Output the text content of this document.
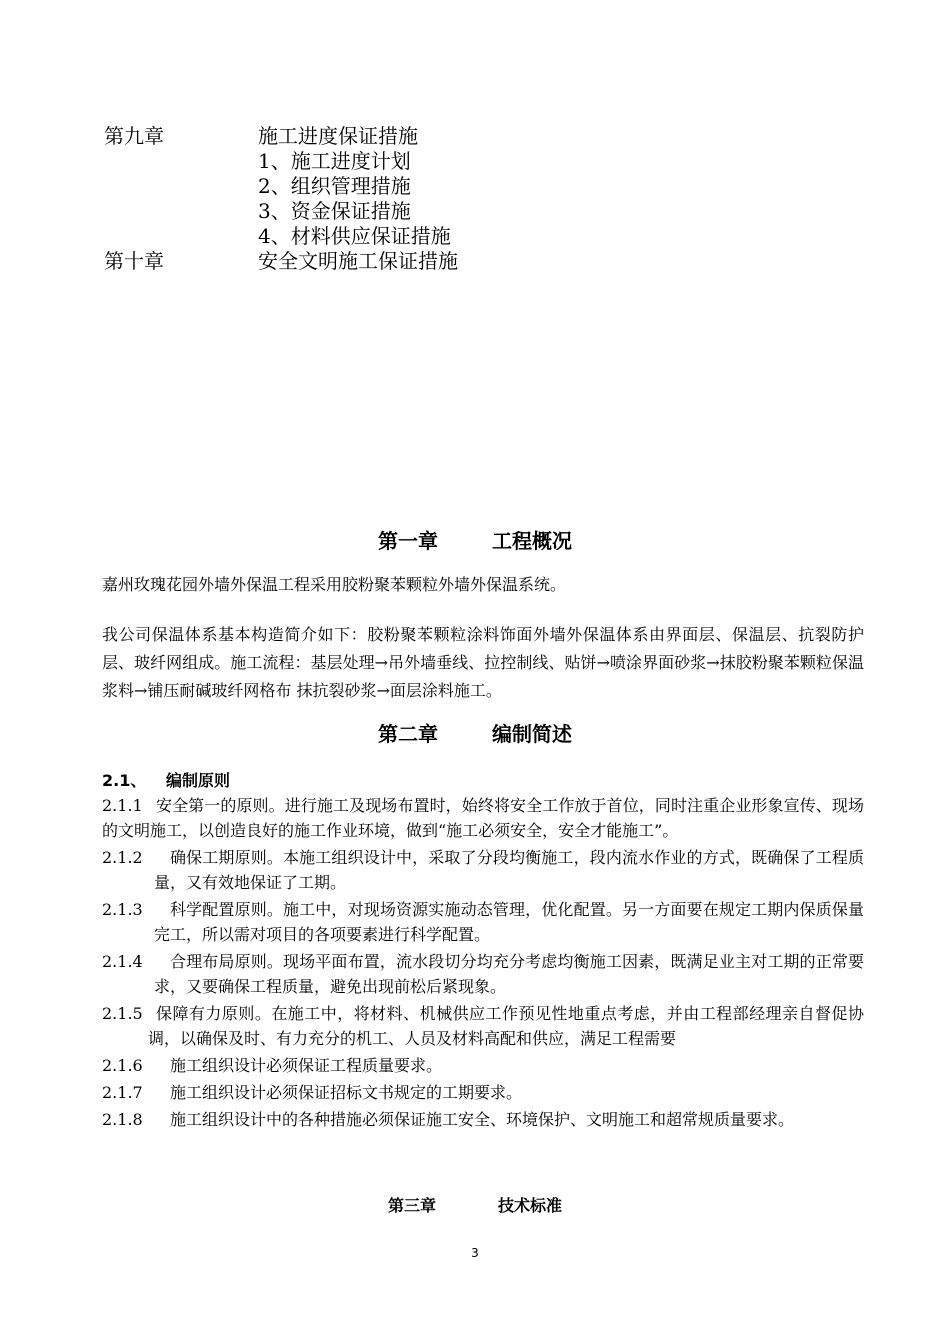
第九章	施工进度保证措施
1、施工进度计划
2、组织管理措施
3、资金保证措施
4、材料供应保证措施
第十章	安全文明施工保证措施
第一章	工程概况
嘉州玫瑰花园外墙外保温工程采用胶粉聚苯颗粒外墙外保温系统。
我公司保温体系基本构造简介如下：胶粉聚苯颗粒涂料饰面外墙外保温体系由界面层、保温层、抗裂防护层、玻纤网组成。施工流程：基层处理→吊外墙垂线、拉控制线、贴饼→喷涂界面砂浆→抹胶粉聚苯颗粒保温浆料→铺压耐碱玻纤网格布 抹抗裂砂浆→面层涂料施工。
第二章	编制简述
2.1、 编制原则
2.1.1 安全第一的原则。进行施工及现场布置时，始终将安全工作放于首位，同时注重企业形象宣传、现场的文明施工，以创造良好的施工作业环境，做到“施工必须安全，安全才能施工”。
2.1.2	确保工期原则。本施工组织设计中，采取了分段均衡施工，段内流水作业的方式，既确保了工程质量，又有效地保证了工期。
2.1.3	科学配置原则。施工中，对现场资源实施动态管理，优化配置。另一方面要在规定工期内保质保量完工，所以需对项目的各项要素进行科学配置。
2.1.4	合理布局原则。现场平面布置，流水段切分均充分考虑均衡施工因素，既满足业主对工期的正常要求，又要确保工程质量，避免出现前松后紧现象。
2.1.5 保障有力原则。在施工中，将材料、机械供应工作预见性地重点考虑，并由工程部经理亲自督促协调，以确保及时、有力充分的机工、人员及材料高配和供应，满足工程需要
2.1.6	施工组织设计必须保证工程质量要求。
2.1.7	施工组织设计必须保证招标文书规定的工期要求。
2.1.8	施工组织设计中的各种措施必须保证施工安全、环境保护、文明施工和超常规质量要求。
第三章	技术标准
3
